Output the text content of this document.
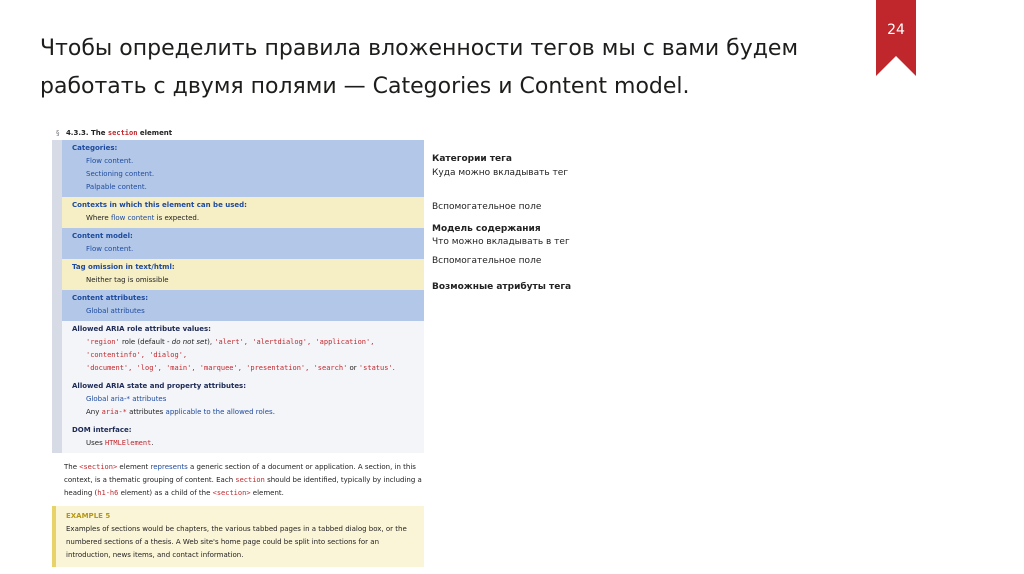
24
Чтобы определить правила вложенности тегов мы с вами будем работать с двумя полями — Categories и Content model.
§ 4.3.3. The section element
Categories:
Flow content.
Sectioning content.
Palpable content.
Contexts in which this element can be used:
Where flow content is expected.
Content model:
Flow content.
Tag omission in text/html:
Neither tag is omissible
Content attributes:
Global attributes
Allowed ARIA role attribute values:
'region' role (default - do not set), 'alert', 'alertdialog', 'application', 'contentinfo', 'dialog',
'document', 'log', 'main', 'marquee', 'presentation', 'search' or 'status'.
Allowed ARIA state and property attributes:
Global aria-* attributes
Any aria-* attributes applicable to the allowed roles.
DOM interface:
Uses HTMLElement.

The <section> element represents a generic section of a document or application. A section, in this context, is a thematic grouping of content. Each section should be identified, typically by including a heading (h1-h6 element) as a child of the <section> element.

EXAMPLE 5
Examples of sections would be chapters, the various tabbed pages in a tabbed dialog box, or the numbered sections of a thesis. A Web site's home page could be split into sections for an introduction, news items, and contact information.
Категории тега
Куда можно вкладывать тег
Вспомогательное поле
Модель содержания
Что можно вкладывать в тег
Вспомогательное поле
Возможные атрибуты тега
